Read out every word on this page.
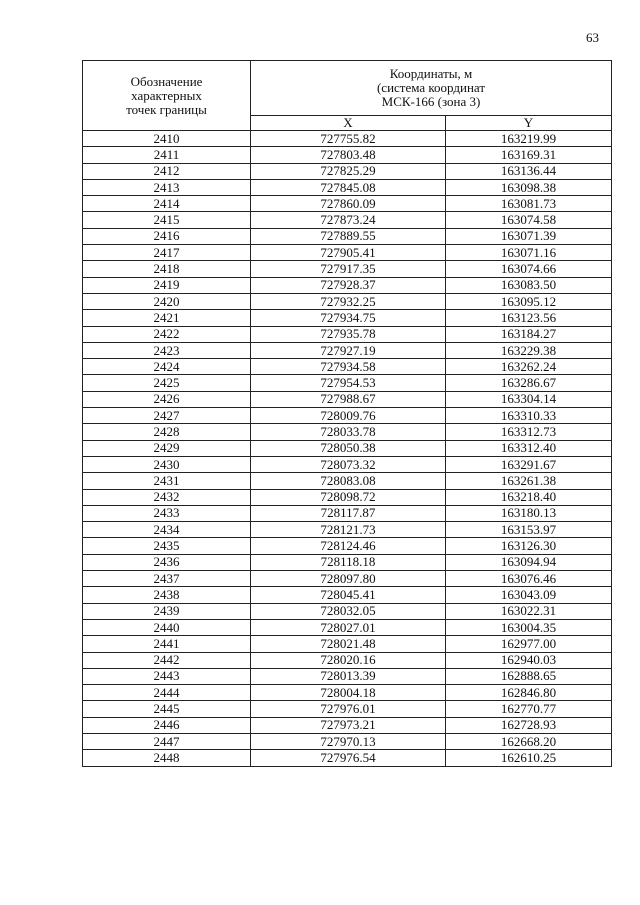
63
Обозначение
характерных
точек границы	Координаты, м
(система координат
МСК-166 (зона 3)	

	X	Y
2410	727755.82	163219.99
2411	727803.48	163169.31
2412	727825.29	163136.44
2413	727845.08	163098.38
2414	727860.09	163081.73
2415	727873.24	163074.58
2416	727889.55	163071.39
2417	727905.41	163071.16
2418	727917.35	163074.66
2419	727928.37	163083.50
2420	727932.25	163095.12
2421	727934.75	163123.56
2422	727935.78	163184.27
2423	727927.19	163229.38
2424	727934.58	163262.24
2425	727954.53	163286.67
2426	727988.67	163304.14
2427	728009.76	163310.33
2428	728033.78	163312.73
2429	728050.38	163312.40
2430	728073.32	163291.67
2431	728083.08	163261.38
2432	728098.72	163218.40
2433	728117.87	163180.13
2434	728121.73	163153.97
2435	728124.46	163126.30
2436	728118.18	163094.94
2437	728097.80	163076.46
2438	728045.41	163043.09
2439	728032.05	163022.31
2440	728027.01	163004.35
2441	728021.48	162977.00
2442	728020.16	162940.03
2443	728013.39	162888.65
2444	728004.18	162846.80
2445	727976.01	162770.77
2446	727973.21	162728.93
2447	727970.13	162668.20
2448	727976.54	162610.25
